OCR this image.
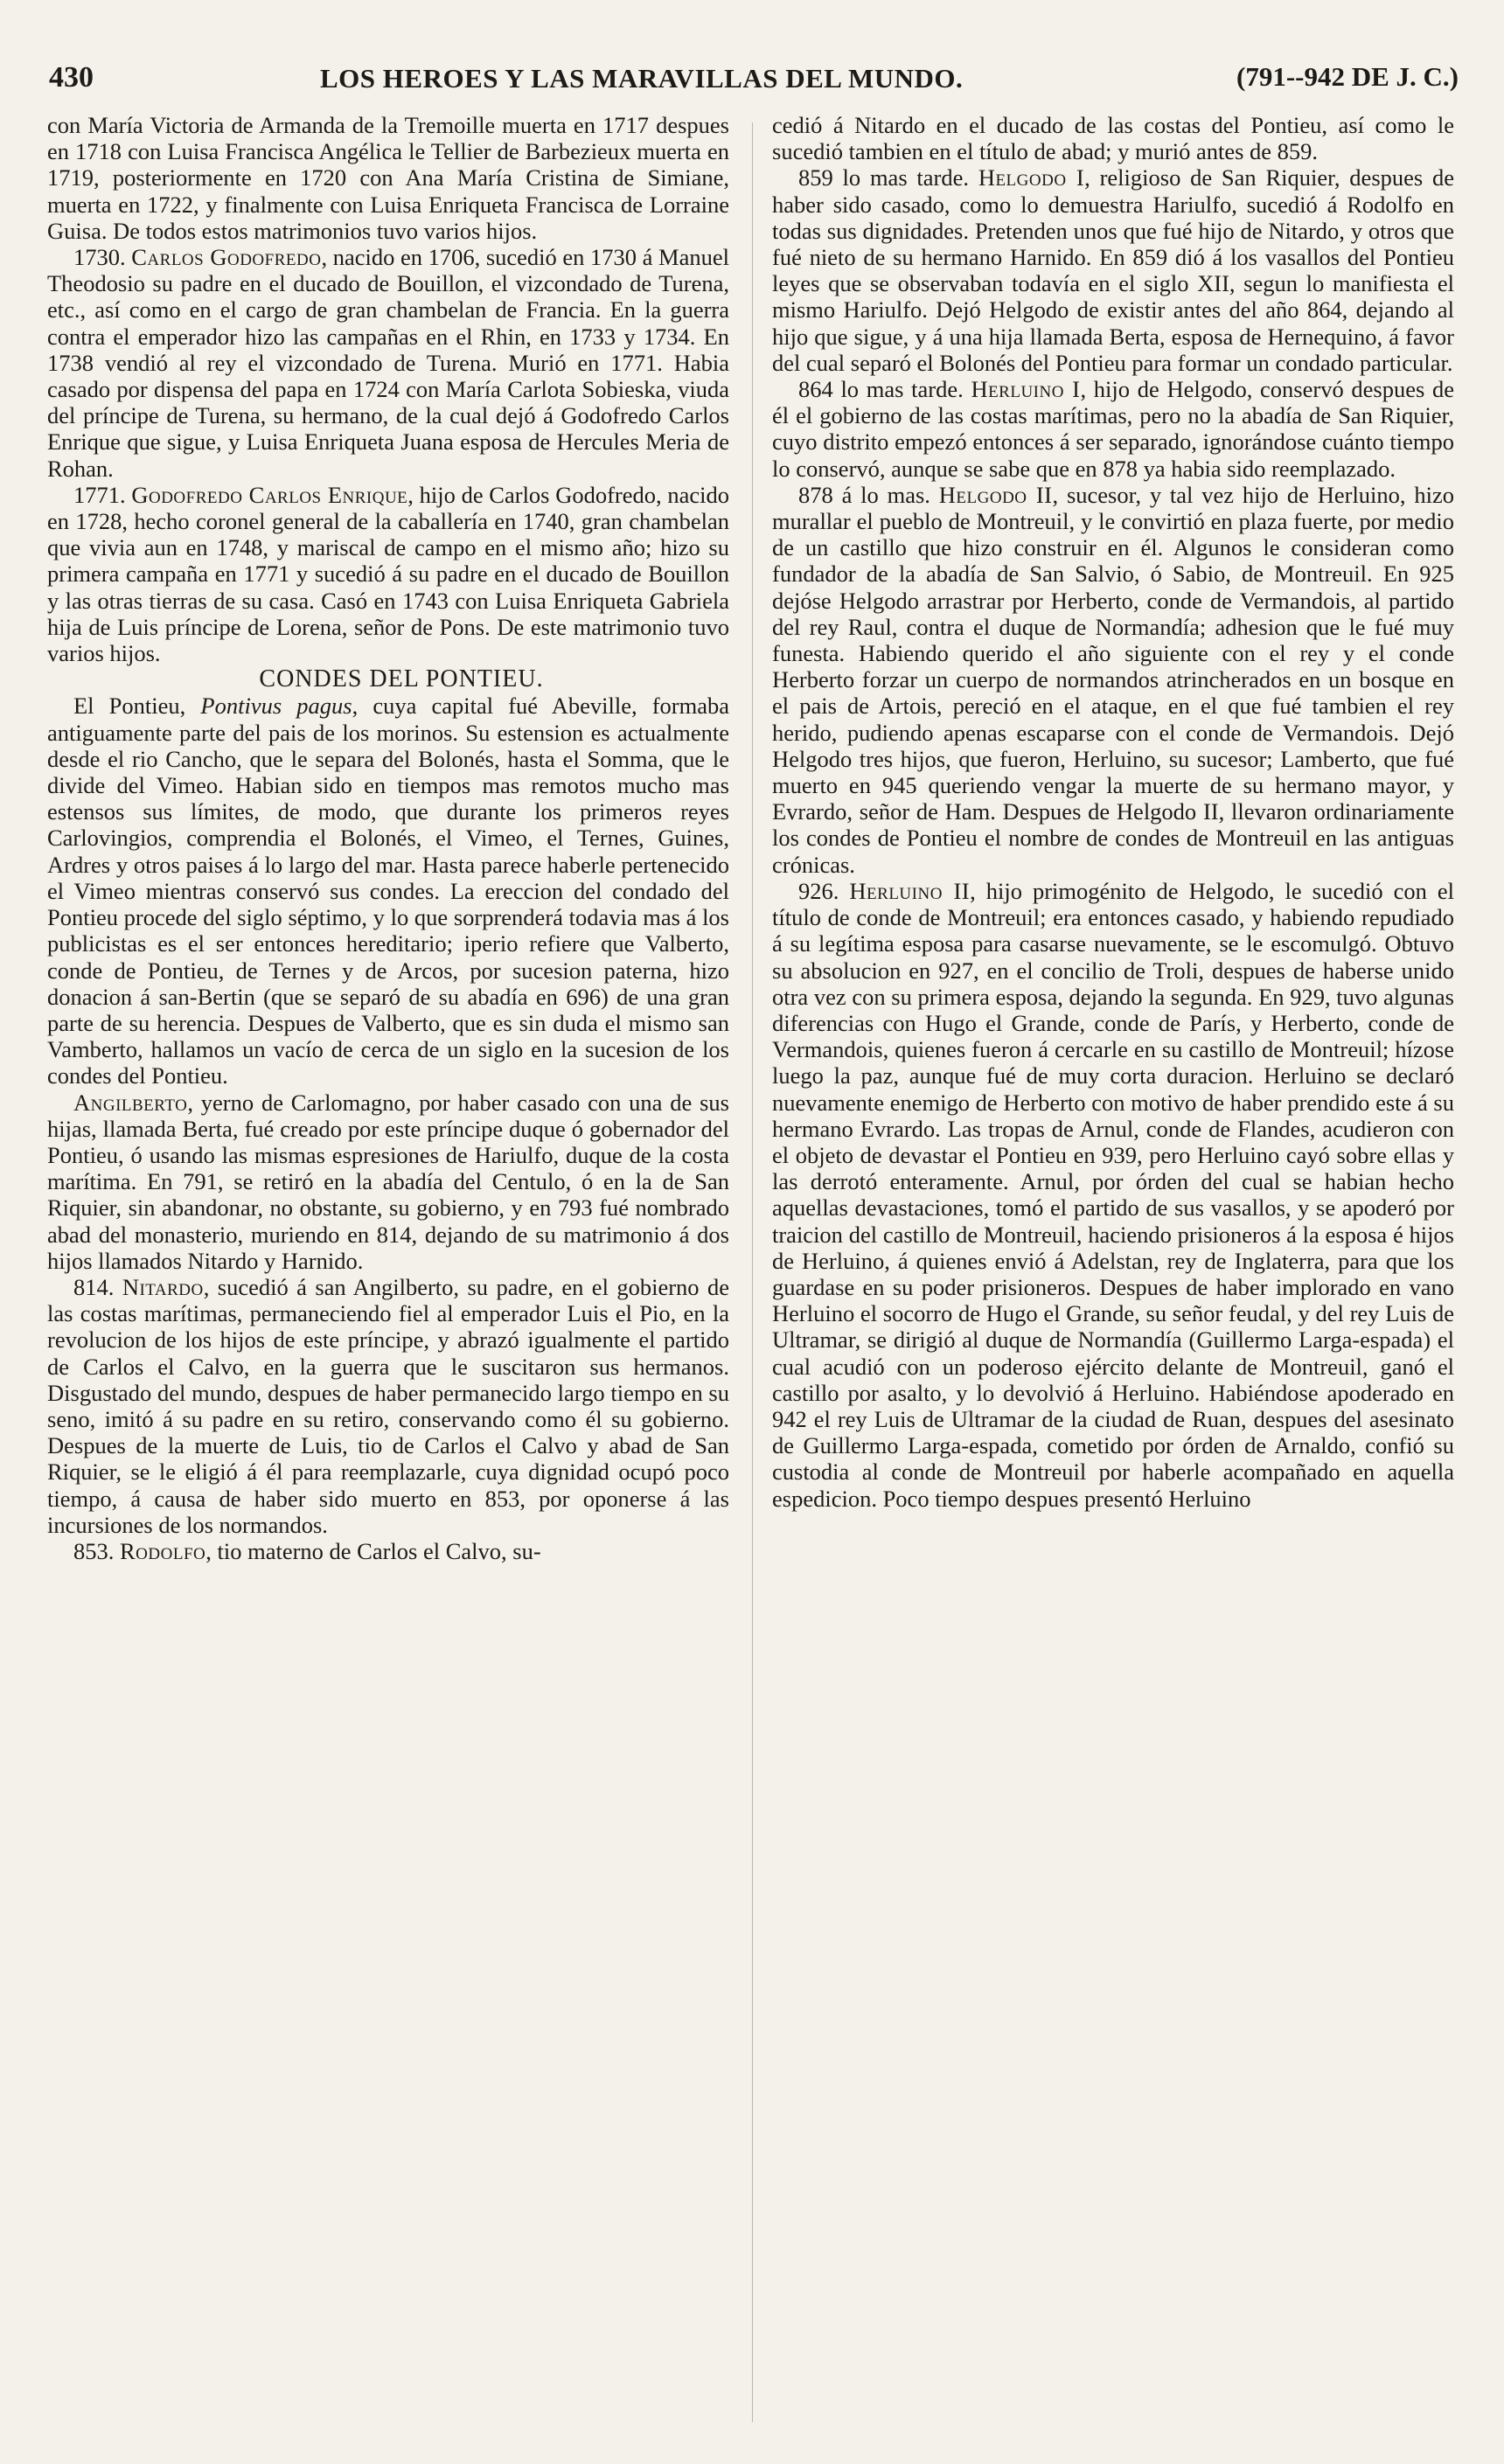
430	LOS HEROES Y LAS MARAVILLAS DEL MUNDO.	(791--942 DE J. C.)

con María Victoria de Armanda de la Tremoille muerta en 1717 despues en 1718 con Luisa Francisca Angélica le Tellier de Barbezieux muerta en 1719, posteriormente en 1720 con Ana María Cristina de Simiane, muerta en 1722, y finalmente con Luisa Enriqueta Francisca de Lorraine Guisa. De todos estos matrimonios tuvo varios hijos.

1730. Carlos Godofredo, nacido en 1706, sucedió en 1730 á Manuel Theodosio su padre en el ducado de Bouillon, el vizcondado de Turena, etc., así como en el cargo de gran chambelan de Francia. En la guerra contra el emperador hizo las campañas en el Rhin, en 1733 y 1734. En 1738 vendió al rey el vizcondado de Turena. Murió en 1771. Habia casado por dispensa del papa en 1724 con María Carlota Sobieska, viuda del príncipe de Turena, su hermano, de la cual dejó á Godofredo Carlos Enrique que sigue, y Luisa Enriqueta Juana esposa de Hercules Meria de Rohan.

1771. Godofredo Carlos Enrique, hijo de Carlos Godofredo, nacido en 1728, hecho coronel general de la caballería en 1740, gran chambelan que vivia aun en 1748, y mariscal de campo en el mismo año; hizo su primera campaña en 1771 y sucedió á su padre en el ducado de Bouillon y las otras tierras de su casa. Casó en 1743 con Luisa Enriqueta Gabriela hija de Luis príncipe de Lorena, señor de Pons. De este matrimonio tuvo varios hijos.

CONDES DEL PONTIEU.

El Pontieu, Pontivus pagus, cuya capital fué Abeville, formaba antiguamente parte del pais de los morinos. Su estension es actualmente desde el rio Cancho, que le separa del Bolonés, hasta el Somma, que le divide del Vimeo. Habian sido en tiempos mas remotos mucho mas estensos sus límites, de modo, que durante los primeros reyes Carlovingios, comprendia el Bolonés, el Vimeo, el Ternes, Guines, Ardres y otros paises á lo largo del mar. Hasta parece haberle pertenecido el Vimeo mientras conservó sus condes. La ereccion del condado del Pontieu procede del siglo séptimo, y lo que sorprenderá todavia mas á los publicistas es el ser entonces hereditario; iperio refiere que Valberto, conde de Pontieu, de Ternes y de Arcos, por sucesion paterna, hizo donacion á san-Bertin (que se separó de su abadía en 696) de una gran parte de su herencia. Despues de Valberto, que es sin duda el mismo san Vamberto, hallamos un vacío de cerca de un siglo en la sucesion de los condes del Pontieu.

Angilberto, yerno de Carlomagno, por haber casado con una de sus hijas, llamada Berta, fué creado por este príncipe duque ó gobernador del Pontieu, ó usando las mismas espresiones de Hariulfo, duque de la costa marítima. En 791, se retiró en la abadía del Centulo, ó en la de San Riquier, sin abandonar, no obstante, su gobierno, y en 793 fué nombrado abad del monasterio, muriendo en 814, dejando de su matrimonio á dos hijos llamados Nitardo y Harnido.

814. Nitardo, sucedió á san Angilberto, su padre, en el gobierno de las costas marítimas, permaneciendo fiel al emperador Luis el Pio, en la revolucion de los hijos de este príncipe, y abrazó igualmente el partido de Carlos el Calvo, en la guerra que le suscitaron sus hermanos. Disgustado del mundo, despues de haber permanecido largo tiempo en su seno, imitó á su padre en su retiro, conservando como él su gobierno. Despues de la muerte de Luis, tio de Carlos el Calvo y abad de San Riquier, se le eligió á él para reemplazarle, cuya dignidad ocupó poco tiempo, á causa de haber sido muerto en 853, por oponerse á las incursiones de los normandos.

853. Rodolfo, tio materno de Carlos el Calvo, su-

cedió á Nitardo en el ducado de las costas del Pontieu, así como le sucedió tambien en el título de abad; y murió antes de 859.

859 lo mas tarde. Helgodo I, religioso de San Riquier, despues de haber sido casado, como lo demuestra Hariulfo, sucedió á Rodolfo en todas sus dignidades. Pretenden unos que fué hijo de Nitardo, y otros que fué nieto de su hermano Harnido. En 859 dió á los vasallos del Pontieu leyes que se observaban todavía en el siglo XII, segun lo manifiesta el mismo Hariulfo. Dejó Helgodo de existir antes del año 864, dejando al hijo que sigue, y á una hija llamada Berta, esposa de Hernequino, á favor del cual separó el Bolonés del Pontieu para formar un condado particular.

864 lo mas tarde. Herluino I, hijo de Helgodo, conservó despues de él el gobierno de las costas marítimas, pero no la abadía de San Riquier, cuyo distrito empezó entonces á ser separado, ignorándose cuánto tiempo lo conservó, aunque se sabe que en 878 ya habia sido reemplazado.

878 á lo mas. Helgodo II, sucesor, y tal vez hijo de Herluino, hizo murallar el pueblo de Montreuil, y le convirtió en plaza fuerte, por medio de un castillo que hizo construir en él. Algunos le consideran como fundador de la abadía de San Salvio, ó Sabio, de Montreuil. En 925 dejóse Helgodo arrastrar por Herberto, conde de Vermandois, al partido del rey Raul, contra el duque de Normandía; adhesion que le fué muy funesta. Habiendo querido el año siguiente con el rey y el conde Herberto forzar un cuerpo de normandos atrincherados en un bosque en el pais de Artois, pereció en el ataque, en el que fué tambien el rey herido, pudiendo apenas escaparse con el conde de Vermandois. Dejó Helgodo tres hijos, que fueron, Herluino, su sucesor; Lamberto, que fué muerto en 945 queriendo vengar la muerte de su hermano mayor, y Evrardo, señor de Ham. Despues de Helgodo II, llevaron ordinariamente los condes de Pontieu el nombre de condes de Montreuil en las antiguas crónicas.

926. Herluino II, hijo primogénito de Helgodo, le sucedió con el título de conde de Montreuil; era entonces casado, y habiendo repudiado á su legítima esposa para casarse nuevamente, se le escomulgó. Obtuvo su absolucion en 927, en el concilio de Troli, despues de haberse unido otra vez con su primera esposa, dejando la segunda. En 929, tuvo algunas diferencias con Hugo el Grande, conde de París, y Herberto, conde de Vermandois, quienes fueron á cercarle en su castillo de Montreuil; hízose luego la paz, aunque fué de muy corta duracion. Herluino se declaró nuevamente enemigo de Herberto con motivo de haber prendido este á su hermano Evrardo. Las tropas de Arnul, conde de Flandes, acudieron con el objeto de devastar el Pontieu en 939, pero Herluino cayó sobre ellas y las derrotó enteramente. Arnul, por órden del cual se habian hecho aquellas devastaciones, tomó el partido de sus vasallos, y se apoderó por traicion del castillo de Montreuil, haciendo prisioneros á la esposa é hijos de Herluino, á quienes envió á Adelstan, rey de Inglaterra, para que los guardase en su poder prisioneros. Despues de haber implorado en vano Herluino el socorro de Hugo el Grande, su señor feudal, y del rey Luis de Ultramar, se dirigió al duque de Normandía (Guillermo Larga-espada) el cual acudió con un poderoso ejército delante de Montreuil, ganó el castillo por asalto, y lo devolvió á Herluino. Habiéndose apoderado en 942 el rey Luis de Ultramar de la ciudad de Ruan, despues del asesinato de Guillermo Larga-espada, cometido por órden de Arnaldo, confió su custodia al conde de Montreuil por haberle acompañado en aquella espedicion. Poco tiempo despues presentó Herluino
